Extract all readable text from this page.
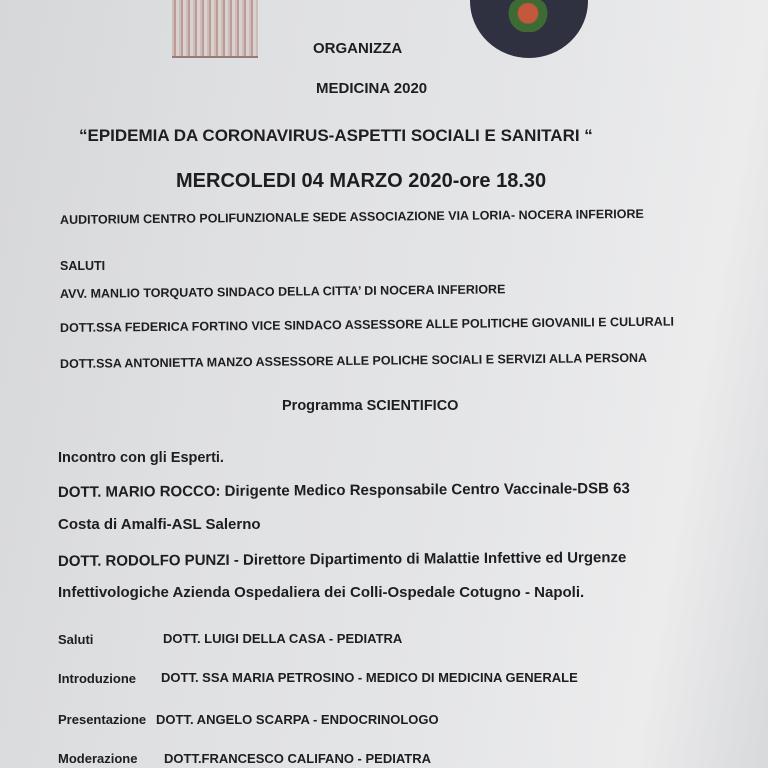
ORGANIZZA
MEDICINA 2020
“EPIDEMIA DA CORONAVIRUS-ASPETTI SOCIALI E SANITARI “
MERCOLEDI 04 MARZO 2020-ore 18.30
AUDITORIUM CENTRO POLIFUNZIONALE SEDE ASSOCIAZIONE VIA LORIA- NOCERA INFERIORE
SALUTI
AVV. MANLIO TORQUATO SINDACO DELLA CITTA’ DI NOCERA INFERIORE
DOTT.SSA FEDERICA FORTINO VICE SINDACO ASSESSORE ALLE POLITICHE GIOVANILI E CULURALI
DOTT.SSA ANTONIETTA MANZO ASSESSORE ALLE POLICHE SOCIALI E SERVIZI ALLA PERSONA
Programma SCIENTIFICO
Incontro con gli Esperti.
DOTT. MARIO ROCCO: Dirigente Medico Responsabile Centro Vaccinale-DSB 63
Costa di Amalfi-ASL Salerno
DOTT. RODOLFO PUNZI - Direttore Dipartimento di Malattie Infettive ed Urgenze
Infettivologiche Azienda Ospedaliera dei Colli-Ospedale Cotugno - Napoli.
Saluti	DOTT. LUIGI DELLA CASA - PEDIATRA
Introduzione DOTT. SSA MARIA PETROSINO - MEDICO DI MEDICINA GENERALE
Presentazione DOTT. ANGELO SCARPA - ENDOCRINOLOGO
Moderazione DOTT.FRANCESCO CALIFANO - PEDIATRA
